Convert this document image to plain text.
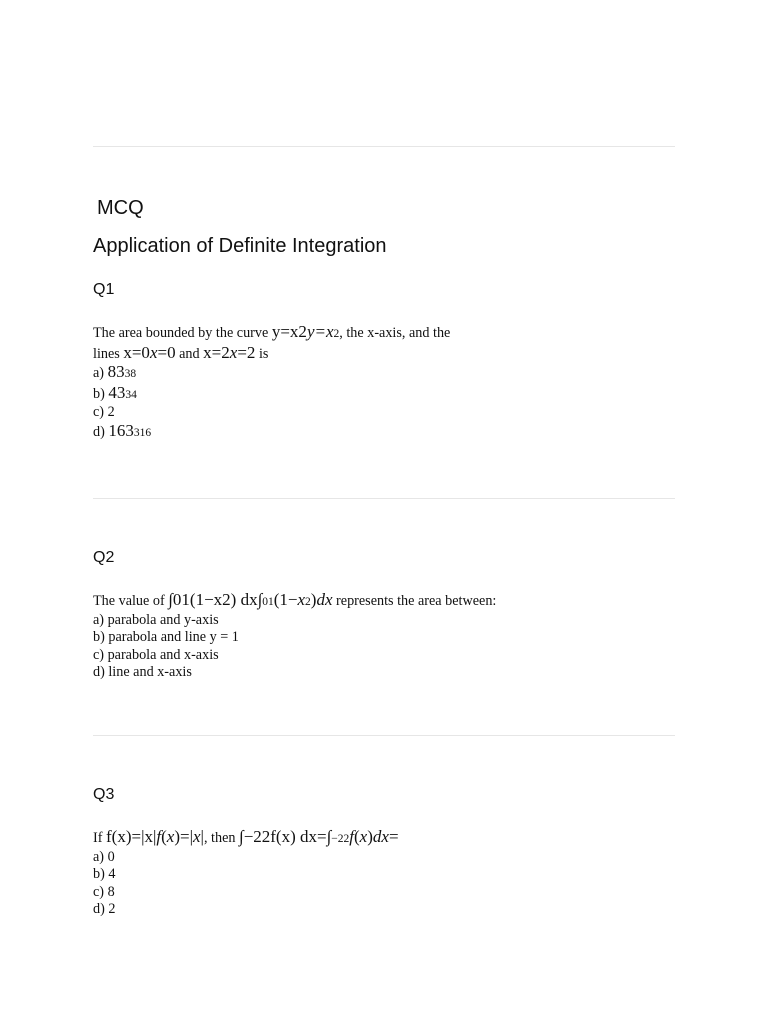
MCQ

Application of Definite Integration

Q1

The area bounded by the curve y=x2y=x2, the x-axis, and the
lines x=0x=0 and x=2x=2 is
a) 8338
b) 4334
c) 2
d) 163316

Q2

The value of ∫01(1−x2) dx∫01(1−x2)dx represents the area between:
a) parabola and y-axis
b) parabola and line y = 1
c) parabola and x-axis
d) line and x-axis

Q3

If f(x)=|x|f(x)=|x|, then ∫−22f(x) dx=∫−22f(x)dx=
a) 0
b) 4
c) 8
d) 2
